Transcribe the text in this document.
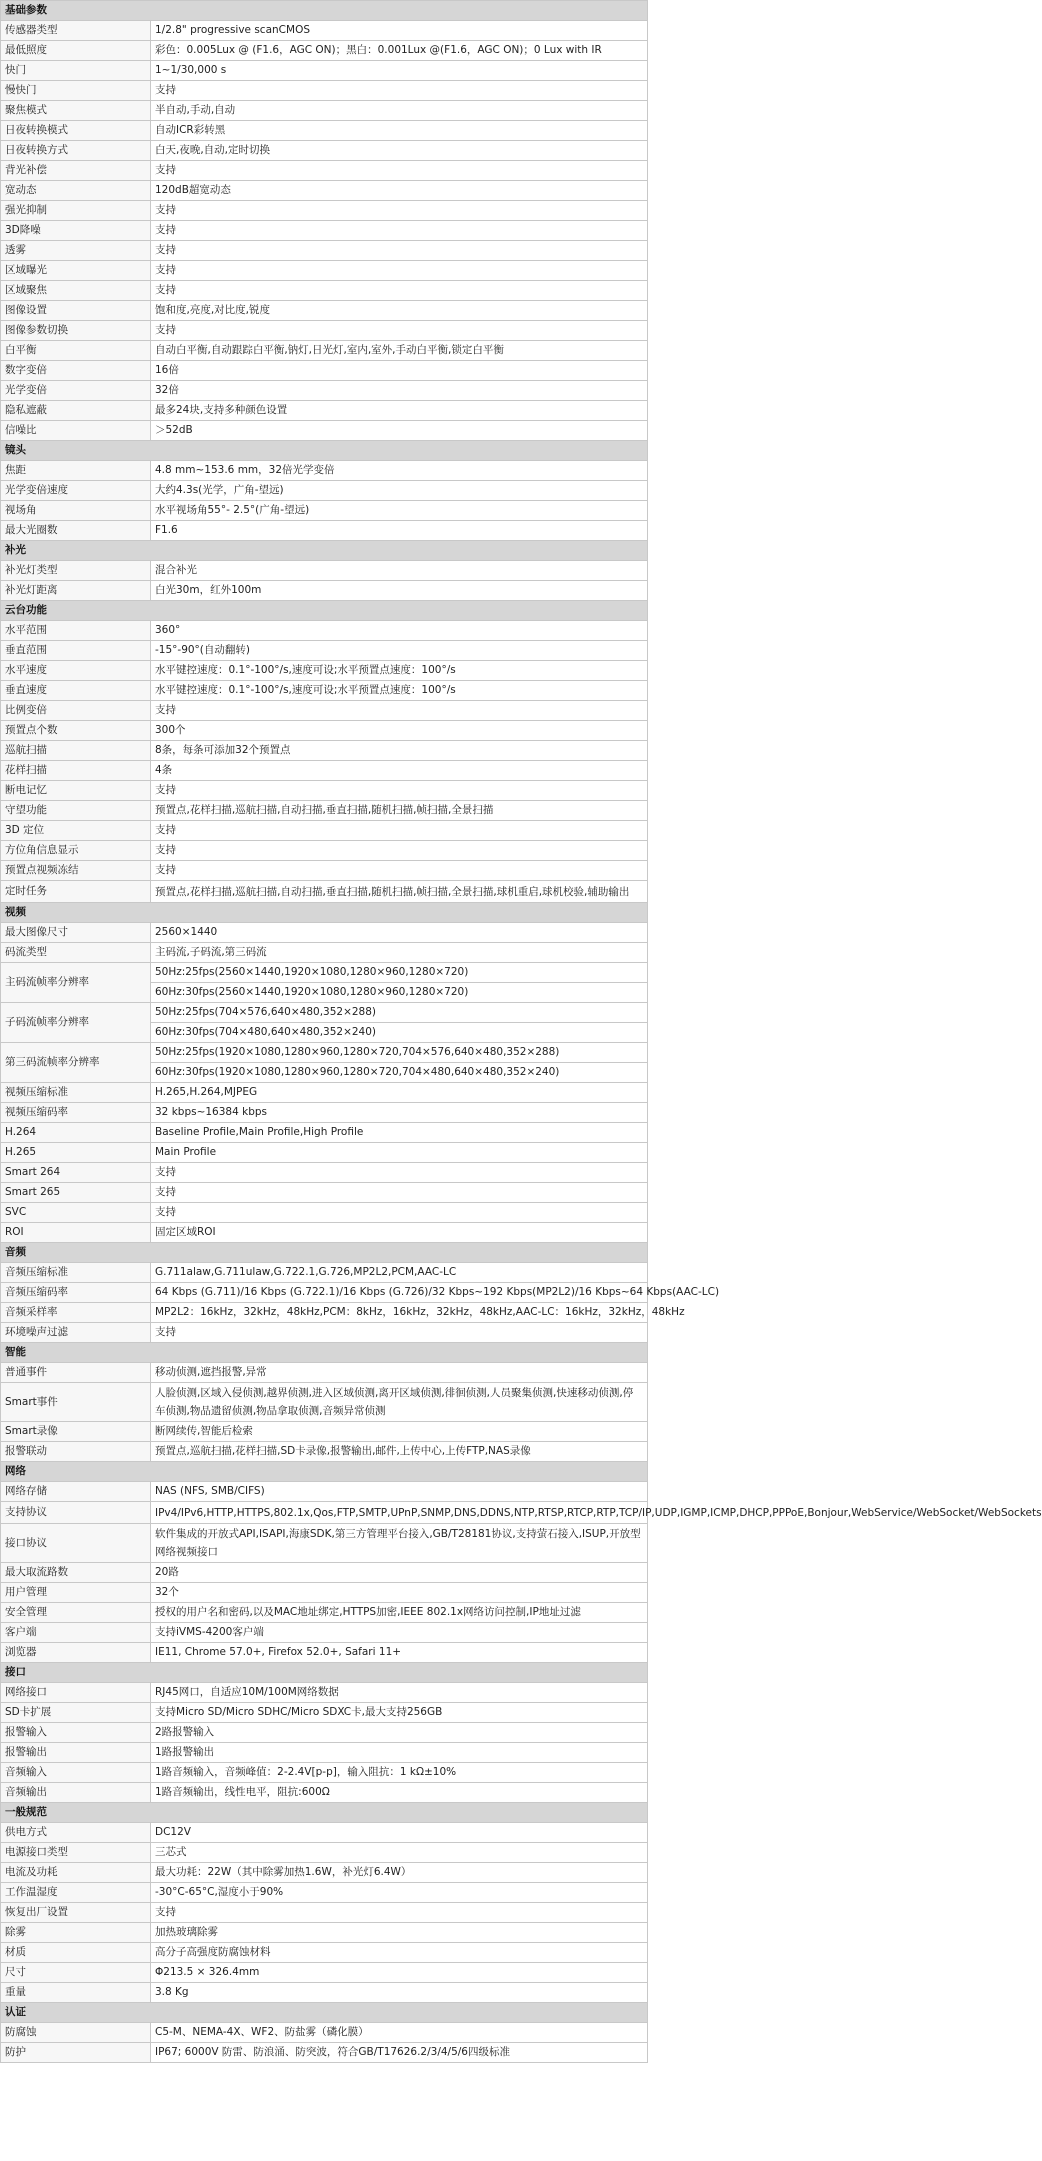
基础参数	
传感器类型	1/2.8" progressive scanCMOS
最低照度	彩色：0.005Lux @ (F1.6，AGC ON)；黑白：0.001Lux @(F1.6，AGC ON)；0 Lux with IR
快门	1~1/30,000 s
慢快门	支持
聚焦模式	半自动,手动,自动
日夜转换模式	自动ICR彩转黑
日夜转换方式	白天,夜晚,自动,定时切换
背光补偿	支持
宽动态	120dB超宽动态
强光抑制	支持
3D降噪	支持
透雾	支持
区域曝光	支持
区域聚焦	支持
图像设置	饱和度,亮度,对比度,锐度
图像参数切换	支持
白平衡	自动白平衡,自动跟踪白平衡,钠灯,日光灯,室内,室外,手动白平衡,锁定白平衡
数字变倍	16倍
光学变倍	32倍
隐私遮蔽	最多24块,支持多种颜色设置
信噪比	＞52dB
镜头	
焦距	4.8 mm~153.6 mm，32倍光学变倍
光学变倍速度	大约4.3s(光学，广角-望远)
视场角	水平视场角55°- 2.5°(广角-望远)
最大光圈数	F1.6
补光	
补光灯类型	混合补光
补光灯距离	白光30m，红外100m
云台功能	
水平范围	360°
垂直范围	-15°-90°(自动翻转)
水平速度	水平键控速度：0.1°-100°/s,速度可设;水平预置点速度：100°/s
垂直速度	水平键控速度：0.1°-100°/s,速度可设;水平预置点速度：100°/s
比例变倍	支持
预置点个数	300个
巡航扫描	8条，每条可添加32个预置点
花样扫描	4条
断电记忆	支持
守望功能	预置点,花样扫描,巡航扫描,自动扫描,垂直扫描,随机扫描,帧扫描,全景扫描
3D 定位	支持
方位角信息显示	支持
预置点视频冻结	支持
定时任务	预置点,花样扫描,巡航扫描,自动扫描,垂直扫描,随机扫描,帧扫描,全景扫描,球机重启,球机校验,辅助输出
视频	
最大图像尺寸	2560×1440
码流类型	主码流,子码流,第三码流
主码流帧率分辨率	50Hz:25fps(2560×1440,1920×1080,1280×960,1280×720)
	60Hz:30fps(2560×1440,1920×1080,1280×960,1280×720)
子码流帧率分辨率	50Hz:25fps(704×576,640×480,352×288)
	60Hz:30fps(704×480,640×480,352×240)
第三码流帧率分辨率	50Hz:25fps(1920×1080,1280×960,1280×720,704×576,640×480,352×288)
	60Hz:30fps(1920×1080,1280×960,1280×720,704×480,640×480,352×240)
视频压缩标准	H.265,H.264,MJPEG
视频压缩码率	32 kbps~16384 kbps
H.264	Baseline Profile,Main Profile,High Profile
H.265	Main Profile
Smart 264	支持
Smart 265	支持
SVC	支持
ROI	固定区域ROI
音频	
音频压缩标准	G.711alaw,G.711ulaw,G.722.1,G.726,MP2L2,PCM,AAC-LC
音频压缩码率	64 Kbps (G.711)/16 Kbps (G.722.1)/16 Kbps (G.726)/32 Kbps~192 Kbps(MP2L2)/16 Kbps~64 Kbps(AAC-LC)
音频采样率	MP2L2：16kHz，32kHz，48kHz,PCM：8kHz，16kHz，32kHz，48kHz,AAC-LC：16kHz，32kHz，48kHz
环境噪声过滤	支持
智能	
普通事件	移动侦测,遮挡报警,异常
Smart事件	人脸侦测,区域入侵侦测,越界侦测,进入区域侦测,离开区域侦测,徘徊侦测,人员聚集侦测,快速移动侦测,停车侦测,物品遗留侦测,物品拿取侦测,音频异常侦测
Smart录像	断网续传,智能后检索
报警联动	预置点,巡航扫描,花样扫描,SD卡录像,报警输出,邮件,上传中心,上传FTP,NAS录像
网络	
网络存储	NAS (NFS, SMB/CIFS)
支持协议	IPv4/IPv6,HTTP,HTTPS,802.1x,Qos,FTP,SMTP,UPnP,SNMP,DNS,DDNS,NTP,RTSP,RTCP,RTP,TCP/IP,UDP,IGMP,ICMP,DHCP,PPPoE,Bonjour,WebService/WebSocket/WebSockets
接口协议	软件集成的开放式API,ISAPI,海康SDK,第三方管理平台接入,GB/T28181协议,支持萤石接入,ISUP,开放型网络视频接口
最大取流路数	20路
用户管理	32个
安全管理	授权的用户名和密码,以及MAC地址绑定,HTTPS加密,IEEE 802.1x网络访问控制,IP地址过滤
客户端	支持iVMS-4200客户端
浏览器	IE11, Chrome 57.0+, Firefox 52.0+, Safari 11+
接口	
网络接口	RJ45网口，自适应10M/100M网络数据
SD卡扩展	支持Micro SD/Micro SDHC/Micro SDXC卡,最大支持256GB
报警输入	2路报警输入
报警输出	1路报警输出
音频输入	1路音频输入，音频峰值：2-2.4V[p-p]，输入阻抗：1 kΩ±10%
音频输出	1路音频输出，线性电平，阻抗:600Ω
一般规范	
供电方式	DC12V
电源接口类型	三芯式
电流及功耗	最大功耗：22W（其中除雾加热1.6W，补光灯6.4W）
工作温湿度	-30°C-65°C,湿度小于90%
恢复出厂设置	支持
除雾	加热玻璃除雾
材质	高分子高强度防腐蚀材料
尺寸	Φ213.5 × 326.4mm
重量	3.8 Kg
认证	
防腐蚀	C5-M、NEMA-4X、WF2、防盐雾（磷化膜）
防护	IP67; 6000V 防雷、防浪涌、防突波，符合GB/T17626.2/3/4/5/6四级标准
